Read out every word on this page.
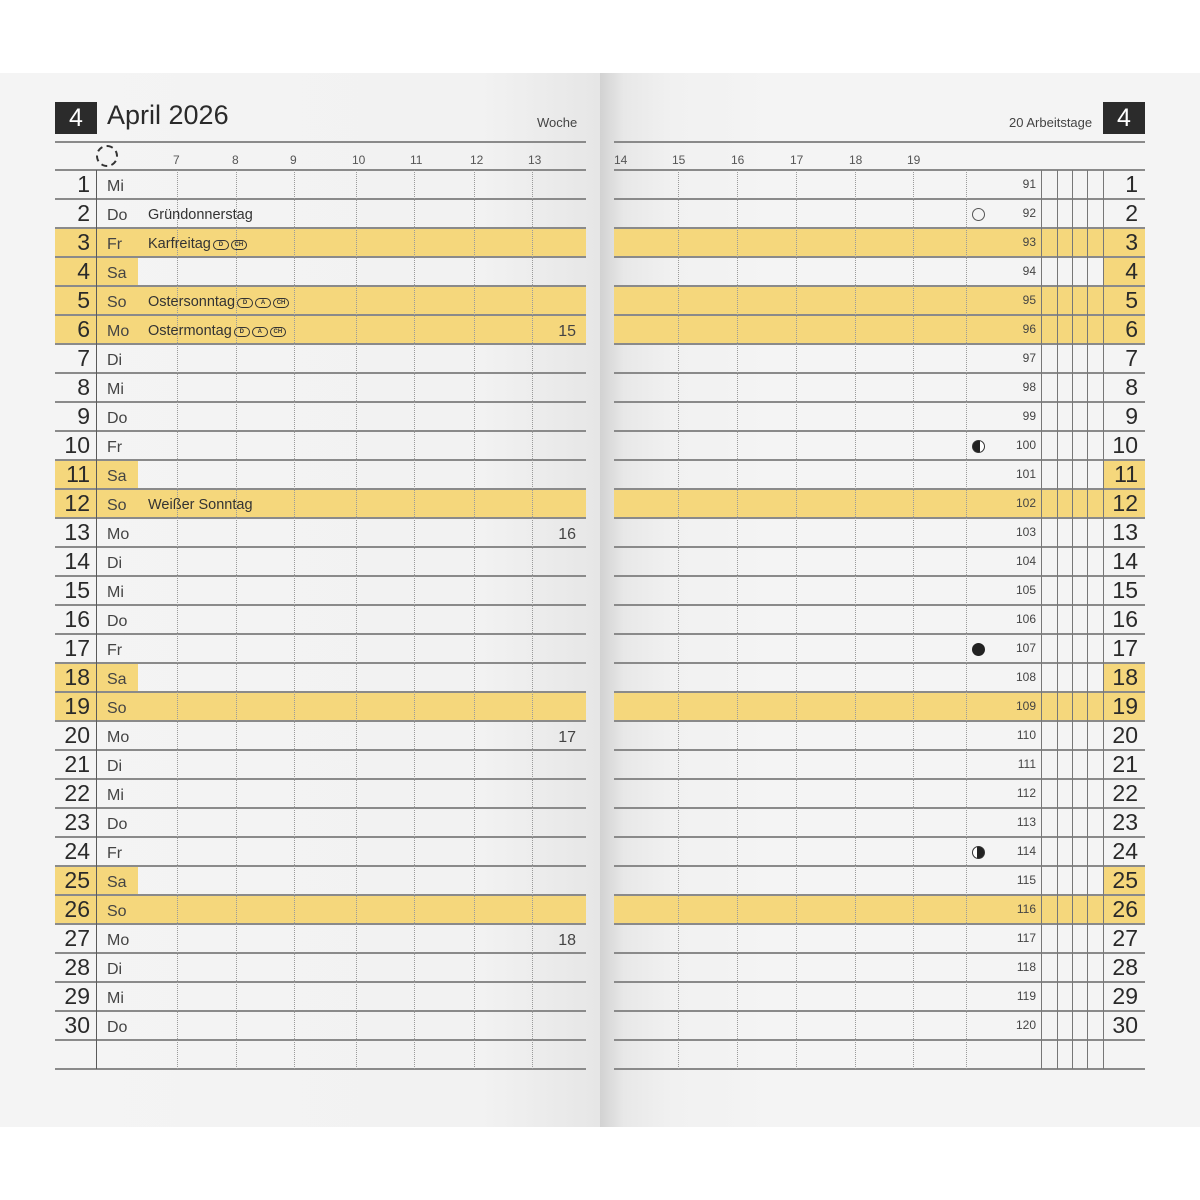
7	8	9	10	11	12	13	14	15	16	17	18	19
1 Mi	91	1
2 Do Gründonnerstag	92	2
3 Fr Karfreitag D CH	93	3
4 Sa	94	4
5 So Ostersonntag D A CH	95	5
6 Mo Ostermontag D A CH	15	96	6
7 Di	97	7
8 Mi	98	8
9 Do	99	9
10 Fr	100	10
11 Sa	101	11
12 So Weißer Sonntag	102	12
13 Mo	16	103	13
14 Di	104	14
15 Mi	105	15
16 Do	106	16
17 Fr	107	17
18 Sa	108	18
19 So	109	19
20 Mo	17	110	20
21 Di	111	21
22 Mi	112	22
23 Do	113	23
24 Fr	114	24
25 Sa	115	25
26 So	116	26
27 Mo	18	117	27
28 Di	118	28
29 Mi	119	29
30 Do	120	30
4 April 2026	Woche	20 Arbeitstage 4
